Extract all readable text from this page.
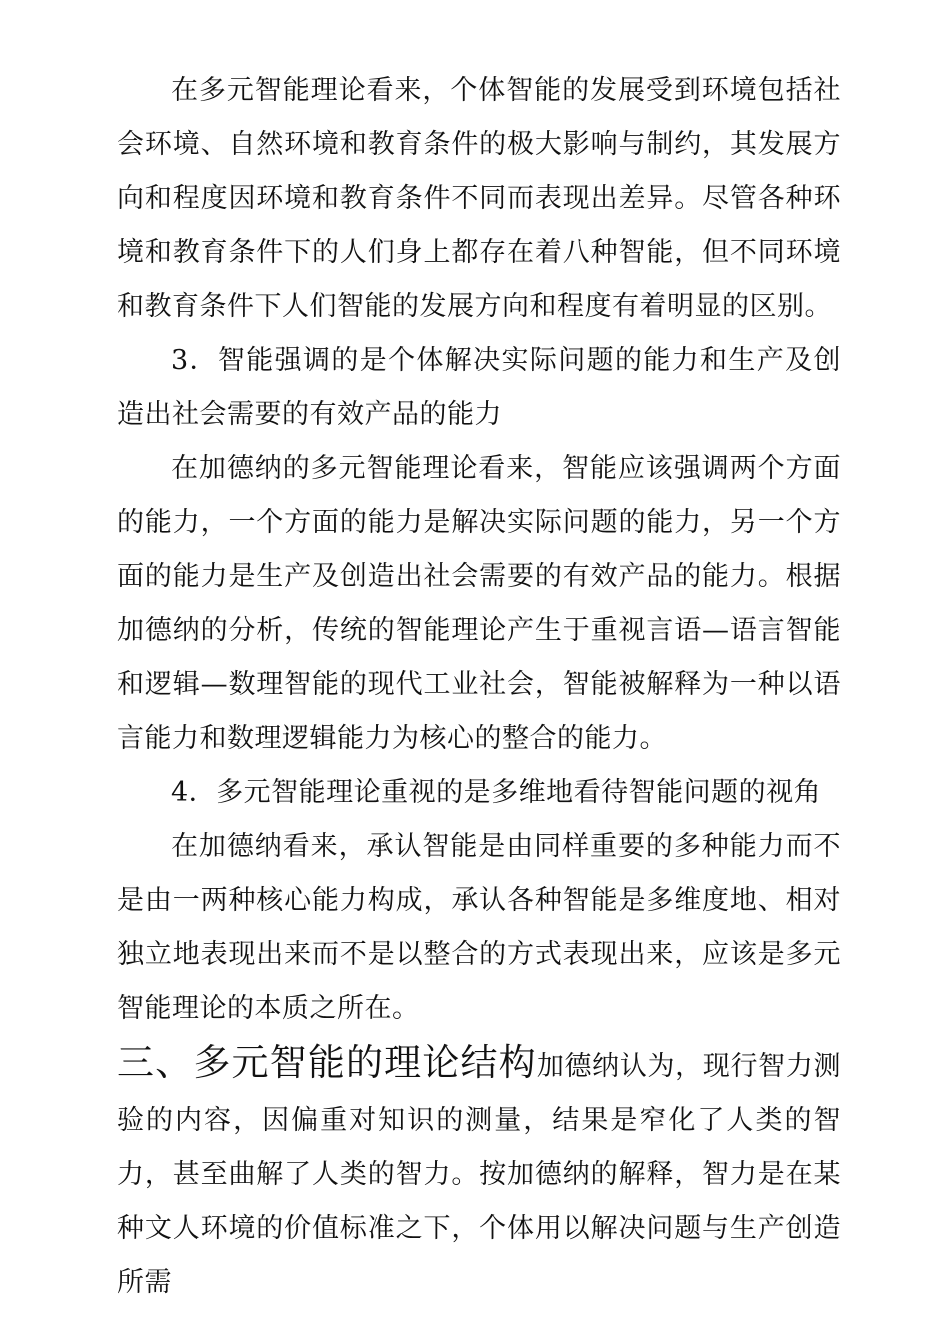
在多元智能理论看来，个体智能的发展受到环境包括社会环境、自然环境和教育条件的极大影响与制约，其发展方向和程度因环境和教育条件不同而表现出差异。尽管各种环境和教育条件下的人们身上都存在着八种智能，但不同环境和教育条件下人们智能的发展方向和程度有着明显的区别。

3．智能强调的是个体解决实际问题的能力和生产及创造出社会需要的有效产品的能力

在加德纳的多元智能理论看来，智能应该强调两个方面的能力，一个方面的能力是解决实际问题的能力，另一个方面的能力是生产及创造出社会需要的有效产品的能力。根据加德纳的分析，传统的智能理论产生于重视言语—语言智能和逻辑—数理智能的现代工业社会，智能被解释为一种以语言能力和数理逻辑能力为核心的整合的能力。

4．多元智能理论重视的是多维地看待智能问题的视角

在加德纳看来，承认智能是由同样重要的多种能力而不是由一两种核心能力构成，承认各种智能是多维度地、相对独立地表现出来而不是以整合的方式表现出来，应该是多元智能理论的本质之所在。

三、多元智能的理论结构加德纳认为，现行智力测验的内容，因偏重对知识的测量，结果是窄化了人类的智力，甚至曲解了人类的智力。按加德纳的解释，智力是在某种文人环境的价值标准之下，个体用以解决问题与生产创造所需
